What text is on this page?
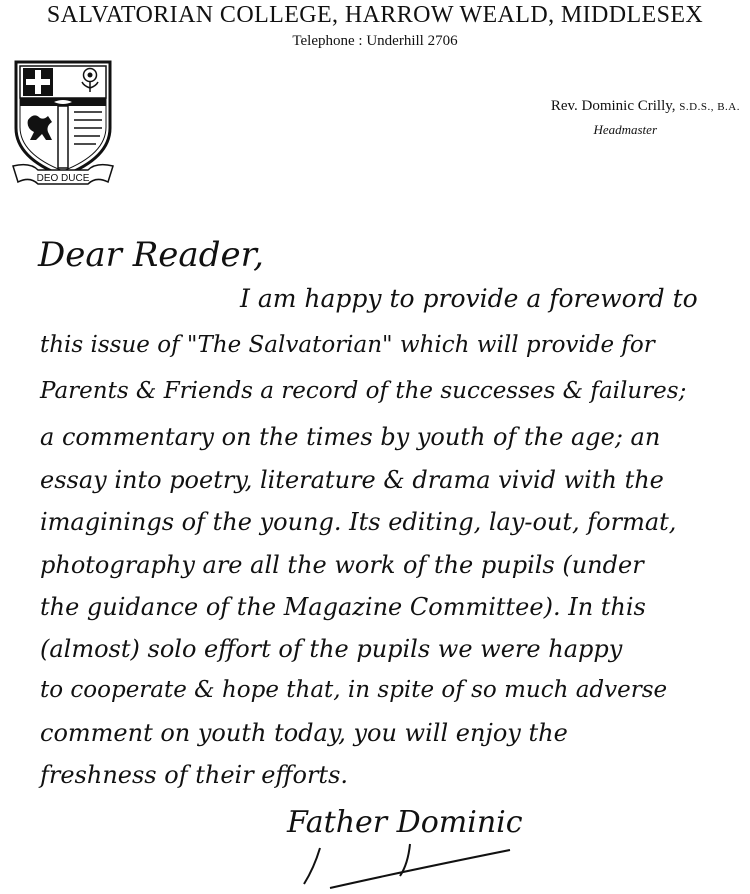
SALVATORIAN COLLEGE, HARROW WEALD, MIDDLESEX
Telephone : Underhill 2706
DEO DUCE
Rev. Dominic Crilly, S.D.S., B.A.
Headmaster
Dear Reader,
I am happy to provide a foreword to
this issue of "The Salvatorian" which will provide for
Parents & Friends a record of the successes & failures;
a commentary on the times by youth of the age; an
essay into poetry, literature & drama vivid with the
imaginings of the young. Its editing, lay-out, format,
photography are all the work of the pupils (under
the guidance of the Magazine Committee). In this
(almost) solo effort of the pupils we were happy
to cooperate & hope that, in spite of so much adverse
comment on youth today, you will enjoy the
freshness of their efforts.
Father Dominic
